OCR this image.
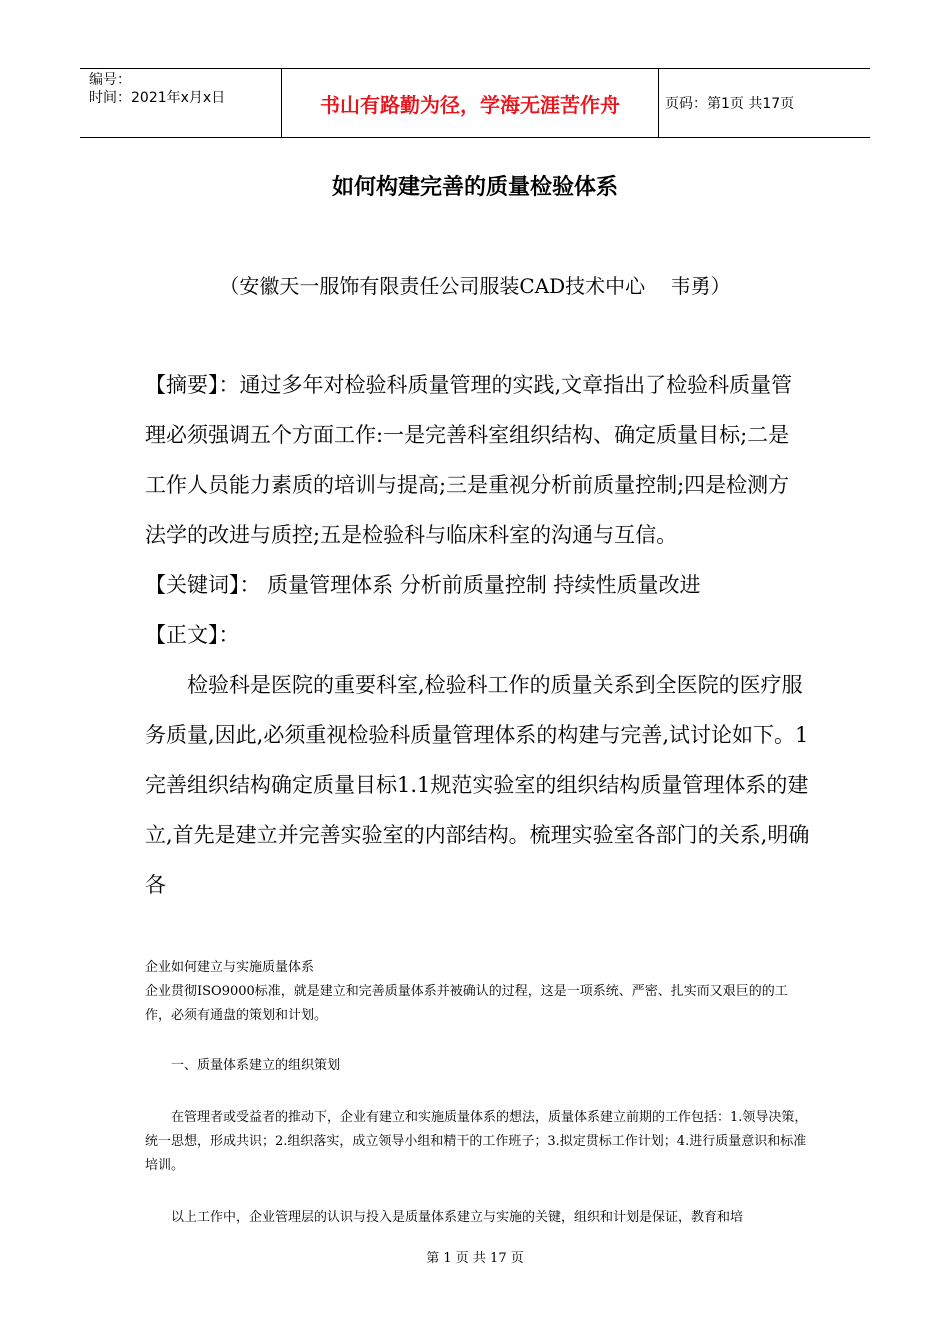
编号：
时间：2021年x月x日	书山有路勤为径，学海无涯苦作舟	页码：第1页 共17页
如何构建完善的质量检验体系
（安徽天一服饰有限责任公司服装CAD技术中心    韦勇）

【摘要】：通过多年对检验科质量管理的实践,文章指出了检验科质量管理必须强调五个方面工作:一是完善科室组织结构、确定质量目标;二是工作人员能力素质的培训与提高;三是重视分析前质量控制;四是检测方法学的改进与质控;五是检验科与临床科室的沟通与互信。

【关键词】： 质量管理体系 分析前质量控制 持续性质量改进

【正文】：

检验科是医院的重要科室,检验科工作的质量关系到全医院的医疗服务质量,因此,必须重视检验科质量管理体系的构建与完善,试讨论如下。1完善组织结构确定质量目标1.1规范实验室的组织结构质量管理体系的建立,首先是建立并完善实验室的内部结构。梳理实验室各部门的关系,明确各

企业如何建立与实施质量体系
企业贯彻ISO9000标准，就是建立和完善质量体系并被确认的过程，这是一项系统、严密、扎实而又艰巨的的工作，必须有通盘的策划和计划。
一、质量体系建立的组织策划
在管理者或受益者的推动下，企业有建立和实施质量体系的想法，质量体系建立前期的工作包括：1.领导决策，统一思想，形成共识；2.组织落实，成立领导小组和精干的工作班子；3.拟定贯标工作计划；4.进行质量意识和标准培训。
以上工作中，企业管理层的认识与投入是质量体系建立与实施的关键，组织和计划是保证，教育和培
第 1 页 共 17 页
